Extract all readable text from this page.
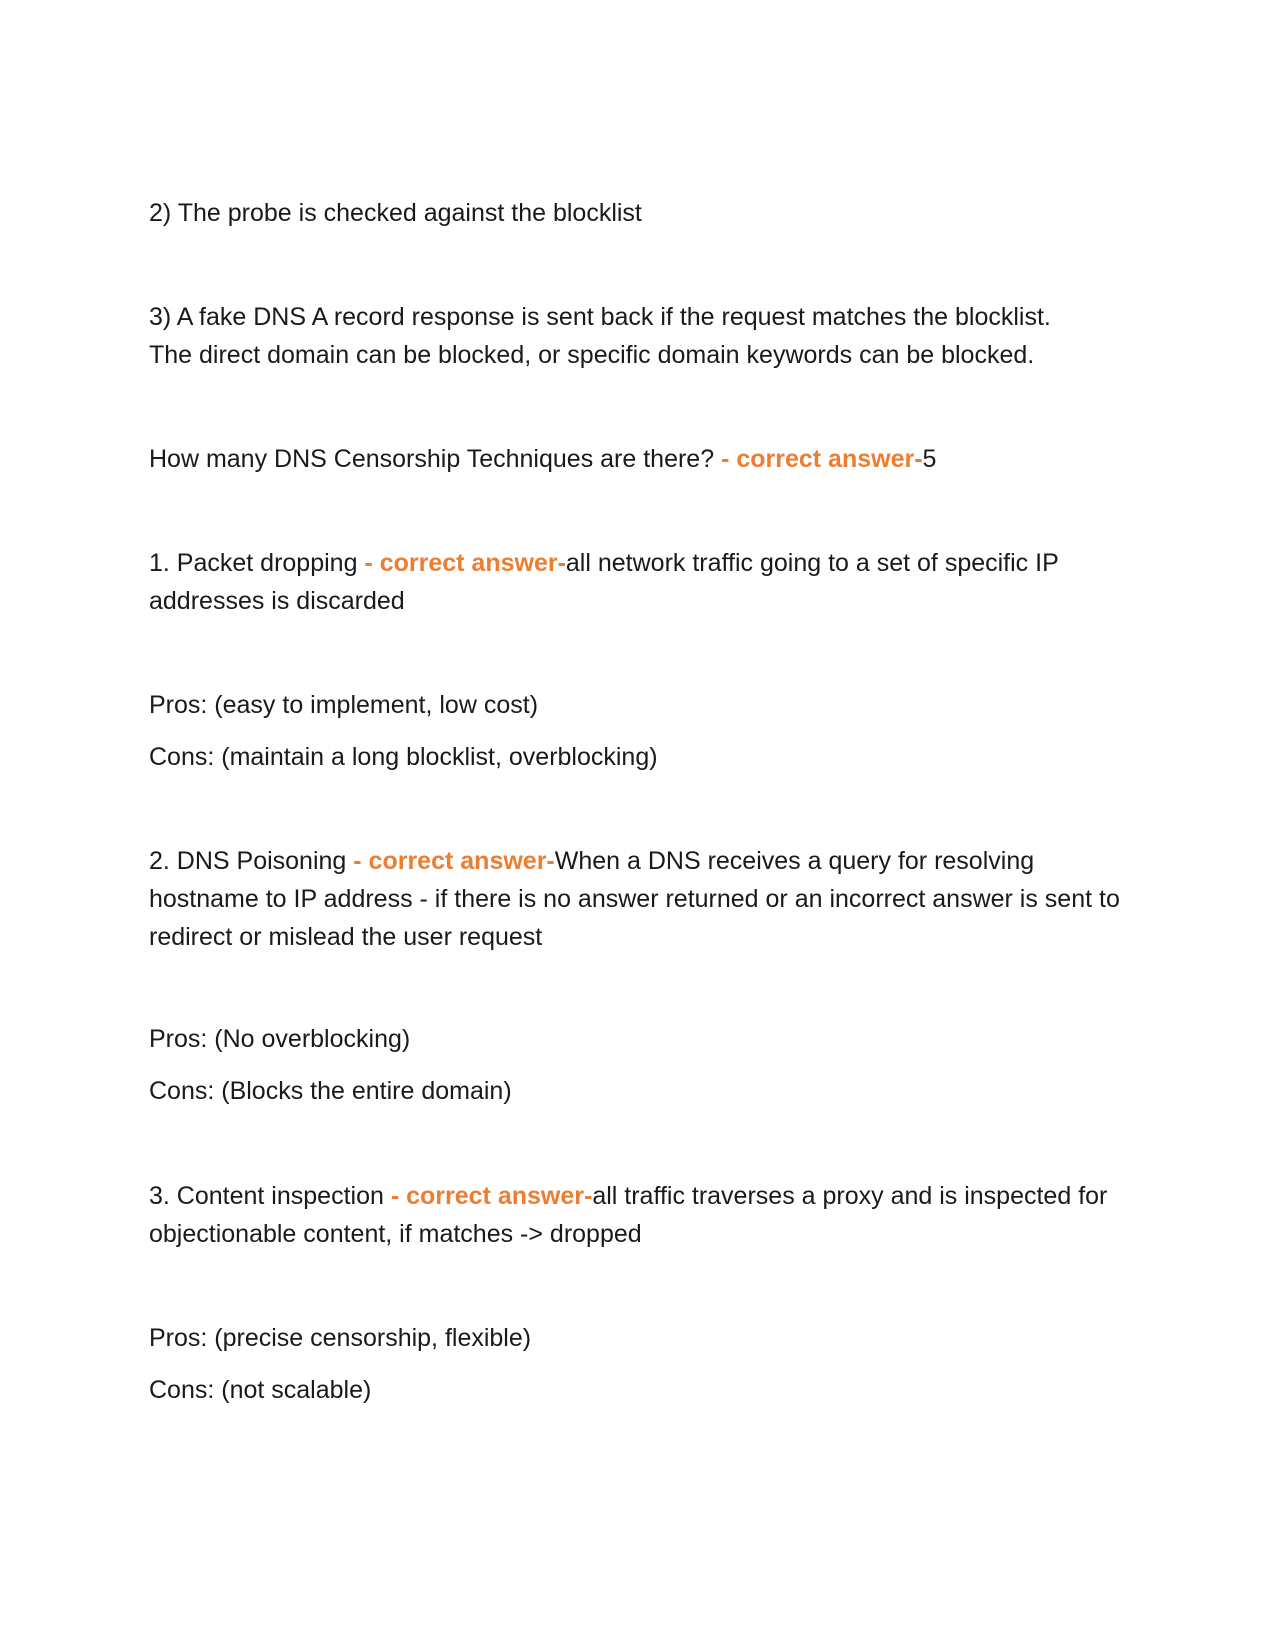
2) The probe is checked against the blocklist

3) A fake DNS A record response is sent back if the request matches the blocklist.
The direct domain can be blocked, or specific domain keywords can be blocked.

How many DNS Censorship Techniques are there? - correct answer-5

1. Packet dropping - correct answer-all network traffic going to a set of specific IP addresses is discarded

Pros: (easy to implement, low cost)

Cons: (maintain a long blocklist, overblocking)

2. DNS Poisoning - correct answer-When a DNS receives a query for resolving hostname to IP address - if there is no answer returned or an incorrect answer is sent to redirect or mislead the user request

Pros: (No overblocking)

Cons: (Blocks the entire domain)

3. Content inspection - correct answer-all traffic traverses a proxy and is inspected for objectionable content, if matches -> dropped

Pros: (precise censorship, flexible)

Cons: (not scalable)
